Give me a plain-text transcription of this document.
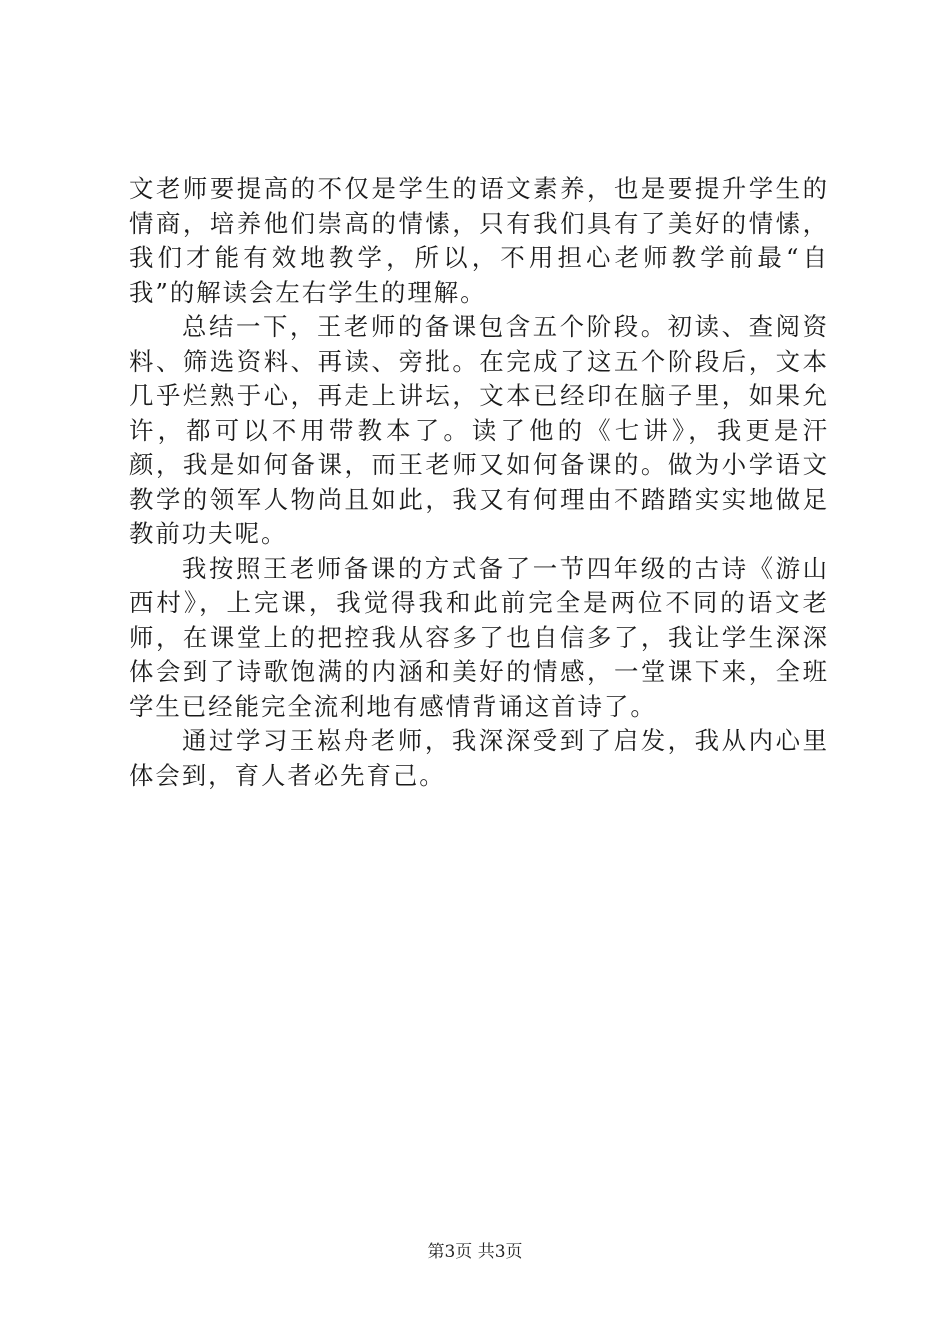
文老师要提高的不仅是学生的语文素养，也是要提升学生的情商，培养他们崇高的情愫，只有我们具有了美好的情愫，我们才能有效地教学，所以，不用担心老师教学前最“自我”的解读会左右学生的理解。

总结一下，王老师的备课包含五个阶段。初读、查阅资料、筛选资料、再读、旁批。在完成了这五个阶段后，文本几乎烂熟于心，再走上讲坛，文本已经印在脑子里，如果允许，都可以不用带教本了。读了他的《七讲》，我更是汗颜，我是如何备课，而王老师又如何备课的。做为小学语文教学的领军人物尚且如此，我又有何理由不踏踏实实地做足教前功夫呢。

我按照王老师备课的方式备了一节四年级的古诗《游山西村》，上完课，我觉得我和此前完全是两位不同的语文老师，在课堂上的把控我从容多了也自信多了，我让学生深深体会到了诗歌饱满的内涵和美好的情感，一堂课下来，全班学生已经能完全流利地有感情背诵这首诗了。

通过学习王崧舟老师，我深深受到了启发，我从内心里体会到，育人者必先育己。

第3页 共3页
